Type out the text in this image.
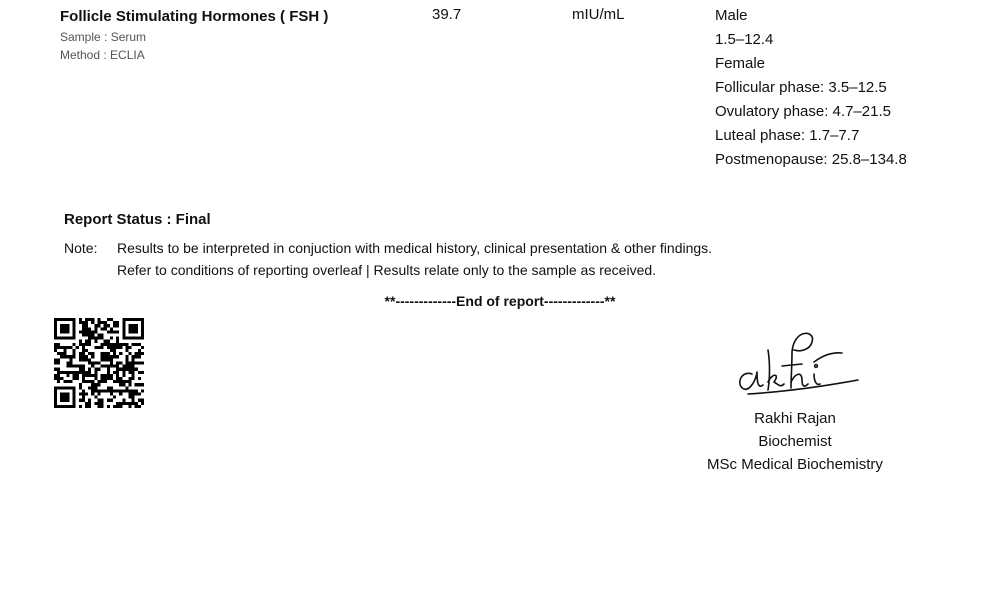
Follicle Stimulating Hormones ( FSH )
Sample : Serum
Method : ECLIA
39.7	mIU/mL	Male
1.5–12.4
Female
Follicular phase: 3.5–12.5
Ovulatory phase: 4.7–21.5
Luteal phase: 1.7–7.7
Postmenopause: 25.8–134.8
Report Status : Final
Note: Results to be interpreted in conjuction with medical history, clinical presentation & other findings.
Refer to conditions of reporting overleaf | Results relate only to the sample as received.
**-------------End of report-------------**
Rakhi Rajan
Biochemist
MSc Medical Biochemistry
